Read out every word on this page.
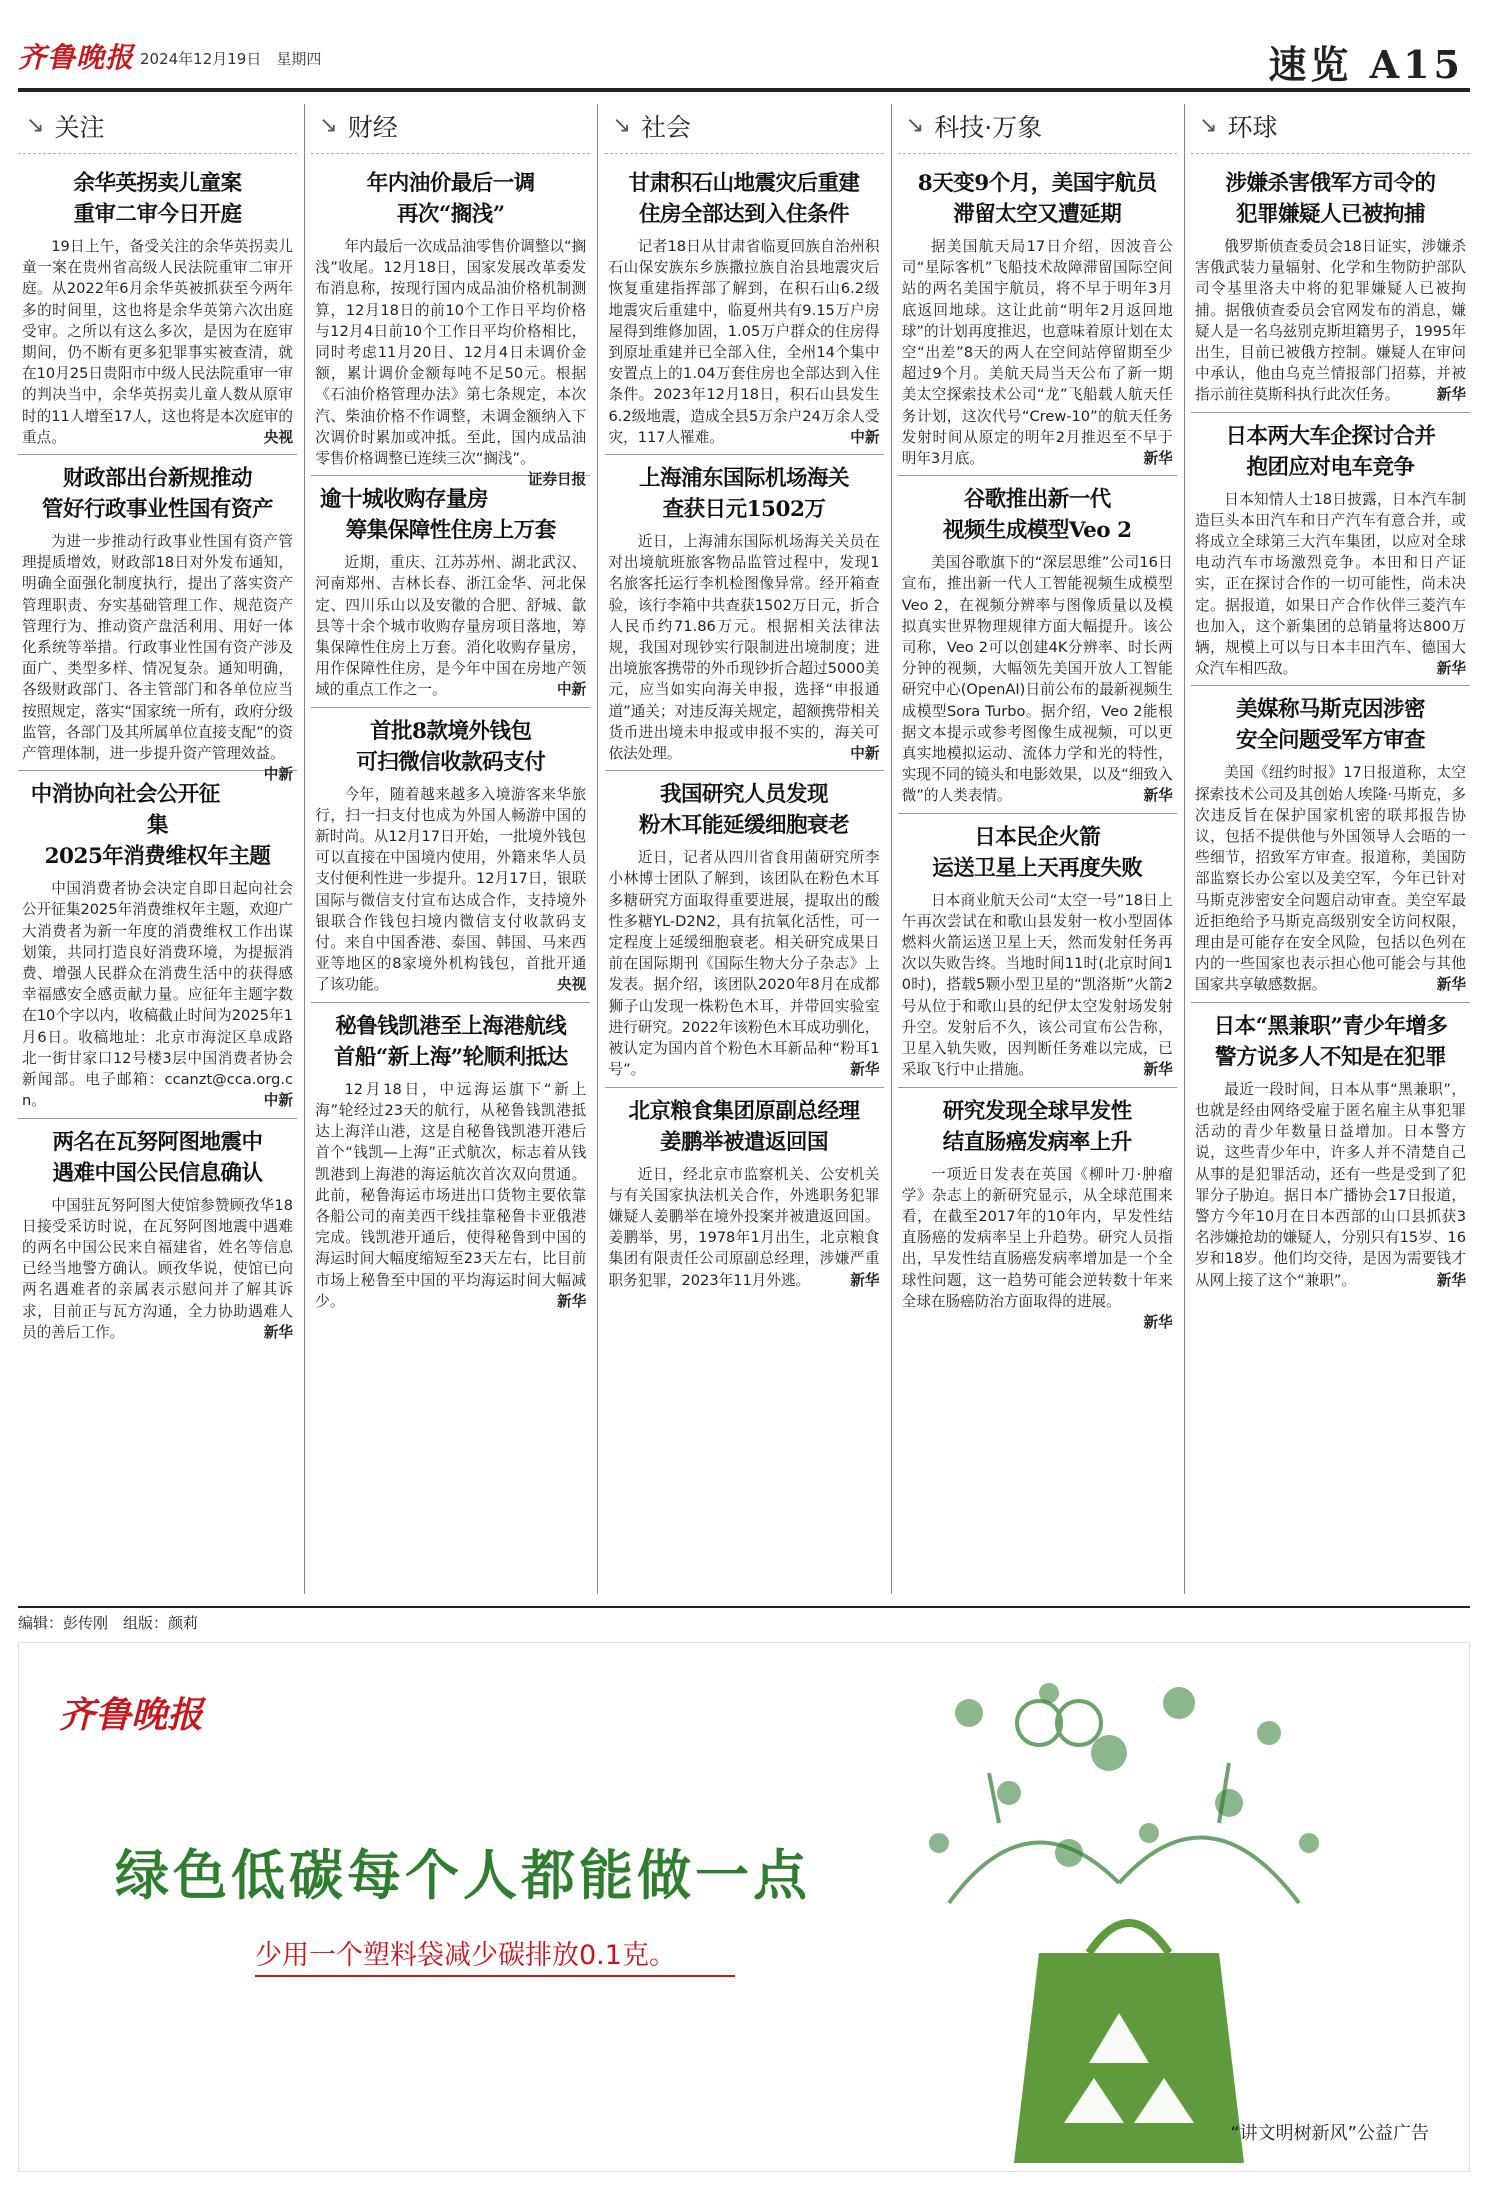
齐鲁晚报 2024年12月19日　星期四	速览 A15
↘ 关注
余华英拐卖儿童案
重审二审今日开庭

19日上午，备受关注的余华英拐卖儿童一案在贵州省高级人民法院重审二审开庭。从2022年6月余华英被抓获至今两年多的时间里，这也将是余华英第六次出庭受审。之所以有这么多次，是因为在庭审期间，仍不断有更多犯罪事实被查清，就在10月25日贵阳市中级人民法院重审一审的判决当中，余华英拐卖儿童人数从原审时的11人增至17人，这也将是本次庭审的重点。	央视

财政部出台新规推动
管好行政事业性国有资产

为进一步推动行政事业性国有资产管理提质增效，财政部18日对外发布通知，明确全面强化制度执行，提出了落实资产管理职责、夯实基础管理工作、规范资产管理行为、推动资产盘活利用、用好一体化系统等举措。行政事业性国有资产涉及面广、类型多样、情况复杂。通知明确，各级财政部门、各主管部门和各单位应当按照规定，落实“国家统一所有，政府分级监管，各部门及其所属单位直接支配”的资产管理体制，进一步提升资产管理效益。
中新

中消协向社会公开征集
2025年消费维权年主题

中国消费者协会决定自即日起向社会公开征集2025年消费维权年主题，欢迎广大消费者为新一年度的消费维权工作出谋划策，共同打造良好消费环境，为提振消费、增强人民群众在消费生活中的获得感幸福感安全感贡献力量。应征年主题字数在10个字以内，收稿截止时间为2025年1月6日。收稿地址：北京市海淀区阜成路北一街甘家口12号楼3层中国消费者协会新闻部。电子邮箱：ccanzt@cca.org.cn。	中新

两名在瓦努阿图地震中
遇难中国公民信息确认

中国驻瓦努阿图大使馆参赞顾孜华18日接受采访时说，在瓦努阿图地震中遇难的两名中国公民来自福建省，姓名等信息已经当地警方确认。顾孜华说，使馆已向两名遇难者的亲属表示慰问并了解其诉求，目前正与瓦方沟通，全力协助遇难人员的善后工作。	新华

↘ 财经
年内油价最后一调
再次“搁浅”

年内最后一次成品油零售价调整以“搁浅”收尾。12月18日，国家发展改革委发布消息称，按现行国内成品油价格机制测算，12月18日的前10个工作日平均价格与12月4日前10个工作日平均价格相比，同时考虑11月20日、12月4日未调价金额，累计调价金额每吨不足50元。根据《石油价格管理办法》第七条规定，本次汽、柴油价格不作调整，未调金额纳入下次调价时累加或冲抵。至此，国内成品油零售价格调整已连续三次“搁浅”。
证券日报

逾十城收购存量房
筹集保障性住房上万套

近期，重庆、江苏苏州、湖北武汉、河南郑州、吉林长春、浙江金华、河北保定、四川乐山以及安徽的合肥、舒城、歙县等十余个城市收购存量房项目落地，筹集保障性住房上万套。消化收购存量房，用作保障性住房，是今年中国在房地产领域的重点工作之一。	中新

首批8款境外钱包
可扫微信收款码支付

今年，随着越来越多入境游客来华旅行，扫一扫支付也成为外国人畅游中国的新时尚。从12月17日开始，一批境外钱包可以直接在中国境内使用，外籍来华人员支付便利性进一步提升。12月17日，银联国际与微信支付宣布达成合作，支持境外银联合作钱包扫境内微信支付收款码支付。来自中国香港、泰国、韩国、马来西亚等地区的8家境外机构钱包，首批开通了该功能。	央视

秘鲁钱凯港至上海港航线
首船“新上海”轮顺利抵达

12月18日，中远海运旗下“新上海”轮经过23天的航行，从秘鲁钱凯港抵达上海洋山港，这是自秘鲁钱凯港开港后首个“钱凯—上海”正式航次，标志着从钱凯港到上海港的海运航次首次双向贯通。此前，秘鲁海运市场进出口货物主要依靠各船公司的南美西干线挂靠秘鲁卡亚俄港完成。钱凯港开通后，使得秘鲁到中国的海运时间大幅度缩短至23天左右，比目前市场上秘鲁至中国的平均海运时间大幅减少。	新华

↘ 社会
甘肃积石山地震灾后重建
住房全部达到入住条件

记者18日从甘肃省临夏回族自治州积石山保安族东乡族撒拉族自治县地震灾后恢复重建指挥部了解到，在积石山6.2级地震灾后重建中，临夏州共有9.15万户房屋得到维修加固，1.05万户群众的住房得到原址重建并已全部入住，全州14个集中安置点上的1.04万套住房也全部达到入住条件。2023年12月18日，积石山县发生6.2级地震，造成全县5万余户24万余人受灾，117人罹难。	中新

上海浦东国际机场海关
查获日元1502万

近日，上海浦东国际机场海关关员在对出境航班旅客物品监管过程中，发现1名旅客托运行李机检图像异常。经开箱查验，该行李箱中共查获1502万日元，折合人民币约71.86万元。根据相关法律法规，我国对现钞实行限制进出境制度；进出境旅客携带的外币现钞折合超过5000美元，应当如实向海关申报，选择“申报通道”通关；对违反海关规定，超额携带相关货币进出境未申报或申报不实的，海关可依法处理。	中新

我国研究人员发现
粉木耳能延缓细胞衰老

近日，记者从四川省食用菌研究所李小林博士团队了解到，该团队在粉色木耳多糖研究方面取得重要进展，提取出的酸性多糖YL-D2N2，具有抗氧化活性，可一定程度上延缓细胞衰老。相关研究成果日前在国际期刊《国际生物大分子杂志》上发表。据介绍，该团队2020年8月在成都狮子山发现一株粉色木耳，并带回实验室进行研究。2022年该粉色木耳成功驯化，被认定为国内首个粉色木耳新品种“粉耳1号”。	新华

北京粮食集团原副总经理
姜鹏举被遣返回国

近日，经北京市监察机关、公安机关与有关国家执法机关合作，外逃职务犯罪嫌疑人姜鹏举在境外投案并被遣返回国。姜鹏举，男，1978年1月出生，北京粮食集团有限责任公司原副总经理，涉嫌严重职务犯罪，2023年11月外逃。	新华

↘ 科技·万象
8天变9个月，美国宇航员
滞留太空又遭延期

据美国航天局17日介绍，因波音公司“星际客机”飞船技术故障滞留国际空间站的两名美国宇航员，将不早于明年3月底返回地球。这让此前“明年2月返回地球”的计划再度推迟，也意味着原计划在太空“出差”8天的两人在空间站停留期至少超过9个月。美航天局当天公布了新一期美太空探索技术公司“龙”飞船载人航天任务计划，这次代号“Crew-10”的航天任务发射时间从原定的明年2月推迟至不早于明年3月底。	新华

谷歌推出新一代
视频生成模型Veo 2

美国谷歌旗下的“深层思维”公司16日宣布，推出新一代人工智能视频生成模型Veo 2，在视频分辨率与图像质量以及模拟真实世界物理规律方面大幅提升。该公司称，Veo 2可以创建4K分辨率、时长两分钟的视频，大幅领先美国开放人工智能研究中心(OpenAI)日前公布的最新视频生成模型Sora Turbo。据介绍，Veo 2能根据文本提示或参考图像生成视频，可以更真实地模拟运动、流体力学和光的特性，实现不同的镜头和电影效果，以及“细致入微”的人类表情。	新华

日本民企火箭
运送卫星上天再度失败

日本商业航天公司“太空一号”18日上午再次尝试在和歌山县发射一枚小型固体燃料火箭运送卫星上天，然而发射任务再次以失败告终。当地时间11时(北京时间10时)，搭载5颗小型卫星的“凯洛斯”火箭2号从位于和歌山县的纪伊太空发射场发射升空。发射后不久，该公司宣布公告称，卫星入轨失败，因判断任务难以完成，已采取飞行中止措施。	新华

研究发现全球早发性
结直肠癌发病率上升

一项近日发表在英国《柳叶刀·肿瘤学》杂志上的新研究显示，从全球范围来看，在截至2017年的10年内，早发性结直肠癌的发病率呈上升趋势。研究人员指出，早发性结直肠癌发病率增加是一个全球性问题，这一趋势可能会逆转数十年来全球在肠癌防治方面取得的进展。
新华

↘ 环球
涉嫌杀害俄军方司令的
犯罪嫌疑人已被拘捕

俄罗斯侦查委员会18日证实，涉嫌杀害俄武装力量辐射、化学和生物防护部队司令基里洛夫中将的犯罪嫌疑人已被拘捕。据俄侦查委员会官网发布的消息，嫌疑人是一名乌兹别克斯坦籍男子，1995年出生，目前已被俄方控制。嫌疑人在审问中承认，他由乌克兰情报部门招募，并被指示前往莫斯科执行此次任务。	新华

日本两大车企探讨合并
抱团应对电车竞争

日本知情人士18日披露，日本汽车制造巨头本田汽车和日产汽车有意合并，或将成立全球第三大汽车集团，以应对全球电动汽车市场激烈竞争。本田和日产证实，正在探讨合作的一切可能性，尚未决定。据报道，如果日产合作伙伴三菱汽车也加入，这个新集团的总销量将达800万辆，规模上可以与日本丰田汽车、德国大众汽车相匹敌。	新华

美媒称马斯克因涉密
安全问题受军方审查

美国《纽约时报》17日报道称，太空探索技术公司及其创始人埃隆·马斯克，多次违反旨在保护国家机密的联邦报告协议，包括不提供他与外国领导人会晤的一些细节，招致军方审查。报道称，美国防部监察长办公室以及美空军，今年已针对马斯克涉密安全问题启动审查。美空军最近拒绝给予马斯克高级别安全访问权限，理由是可能存在安全风险，包括以色列在内的一些国家也表示担心他可能会与其他国家共享敏感数据。	新华

日本“黑兼职”青少年增多
警方说多人不知是在犯罪

最近一段时间，日本从事“黑兼职”，也就是经由网络受雇于匿名雇主从事犯罪活动的青少年数量日益增加。日本警方说，这些青少年中，许多人并不清楚自己从事的是犯罪活动，还有一些是受到了犯罪分子胁迫。据日本广播协会17日报道，警方今年10月在日本西部的山口县抓获3名涉嫌抢劫的嫌疑人，分别只有15岁、16岁和18岁。他们均交待，是因为需要钱才从网上接了这个“兼职”。	新华

编辑：彭传刚　组版：颜莉
齐鲁晚报
绿色低碳每个人都能做一点
少用一个塑料袋减少碳排放0.1克。
“讲文明树新风”公益广告
